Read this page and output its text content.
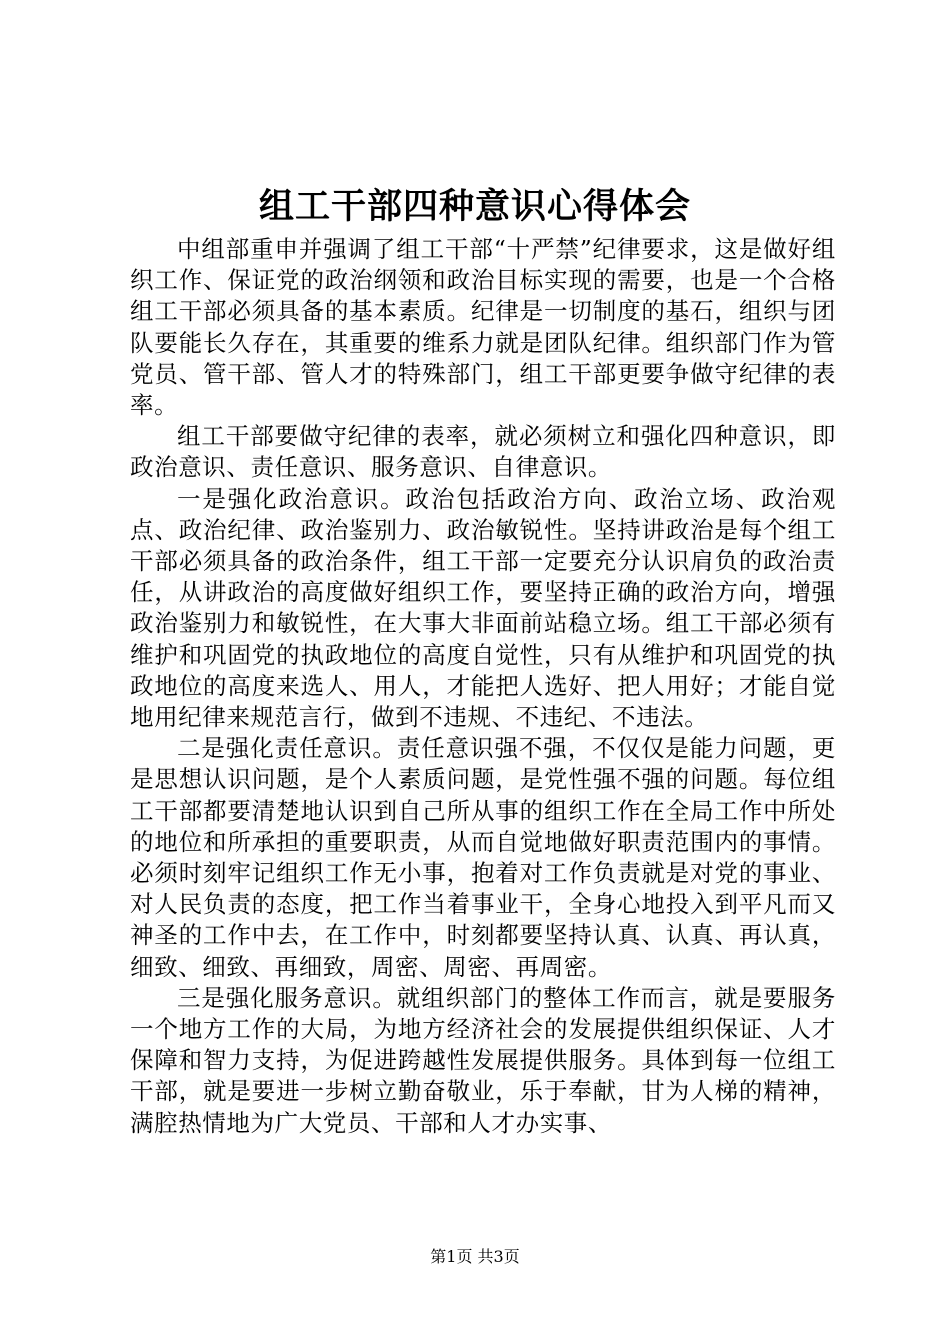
组工干部四种意识心得体会

中组部重申并强调了组工干部“十严禁”纪律要求，这是做好组织工作、保证党的政治纲领和政治目标实现的需要，也是一个合格组工干部必须具备的基本素质。纪律是一切制度的基石，组织与团队要能长久存在，其重要的维系力就是团队纪律。组织部门作为管党员、管干部、管人才的特殊部门，组工干部更要争做守纪律的表率。

组工干部要做守纪律的表率，就必须树立和强化四种意识，即政治意识、责任意识、服务意识、自律意识。

一是强化政治意识。政治包括政治方向、政治立场、政治观点、政治纪律、政治鉴别力、政治敏锐性。坚持讲政治是每个组工干部必须具备的政治条件，组工干部一定要充分认识肩负的政治责任，从讲政治的高度做好组织工作，要坚持正确的政治方向，增强政治鉴别力和敏锐性，在大事大非面前站稳立场。组工干部必须有维护和巩固党的执政地位的高度自觉性，只有从维护和巩固党的执政地位的高度来选人、用人，才能把人选好、把人用好；才能自觉地用纪律来规范言行，做到不违规、不违纪、不违法。

二是强化责任意识。责任意识强不强，不仅仅是能力问题，更是思想认识问题，是个人素质问题，是党性强不强的问题。每位组工干部都要清楚地认识到自己所从事的组织工作在全局工作中所处的地位和所承担的重要职责，从而自觉地做好职责范围内的事情。必须时刻牢记组织工作无小事，抱着对工作负责就是对党的事业、对人民负责的态度，把工作当着事业干，全身心地投入到平凡而又神圣的工作中去，在工作中，时刻都要坚持认真、认真、再认真，细致、细致、再细致，周密、周密、再周密。

三是强化服务意识。就组织部门的整体工作而言，就是要服务一个地方工作的大局，为地方经济社会的发展提供组织保证、人才保障和智力支持，为促进跨越性发展提供服务。具体到每一位组工干部，就是要进一步树立勤奋敬业，乐于奉献，甘为人梯的精神，满腔热情地为广大党员、干部和人才办实事、

第1页 共3页
